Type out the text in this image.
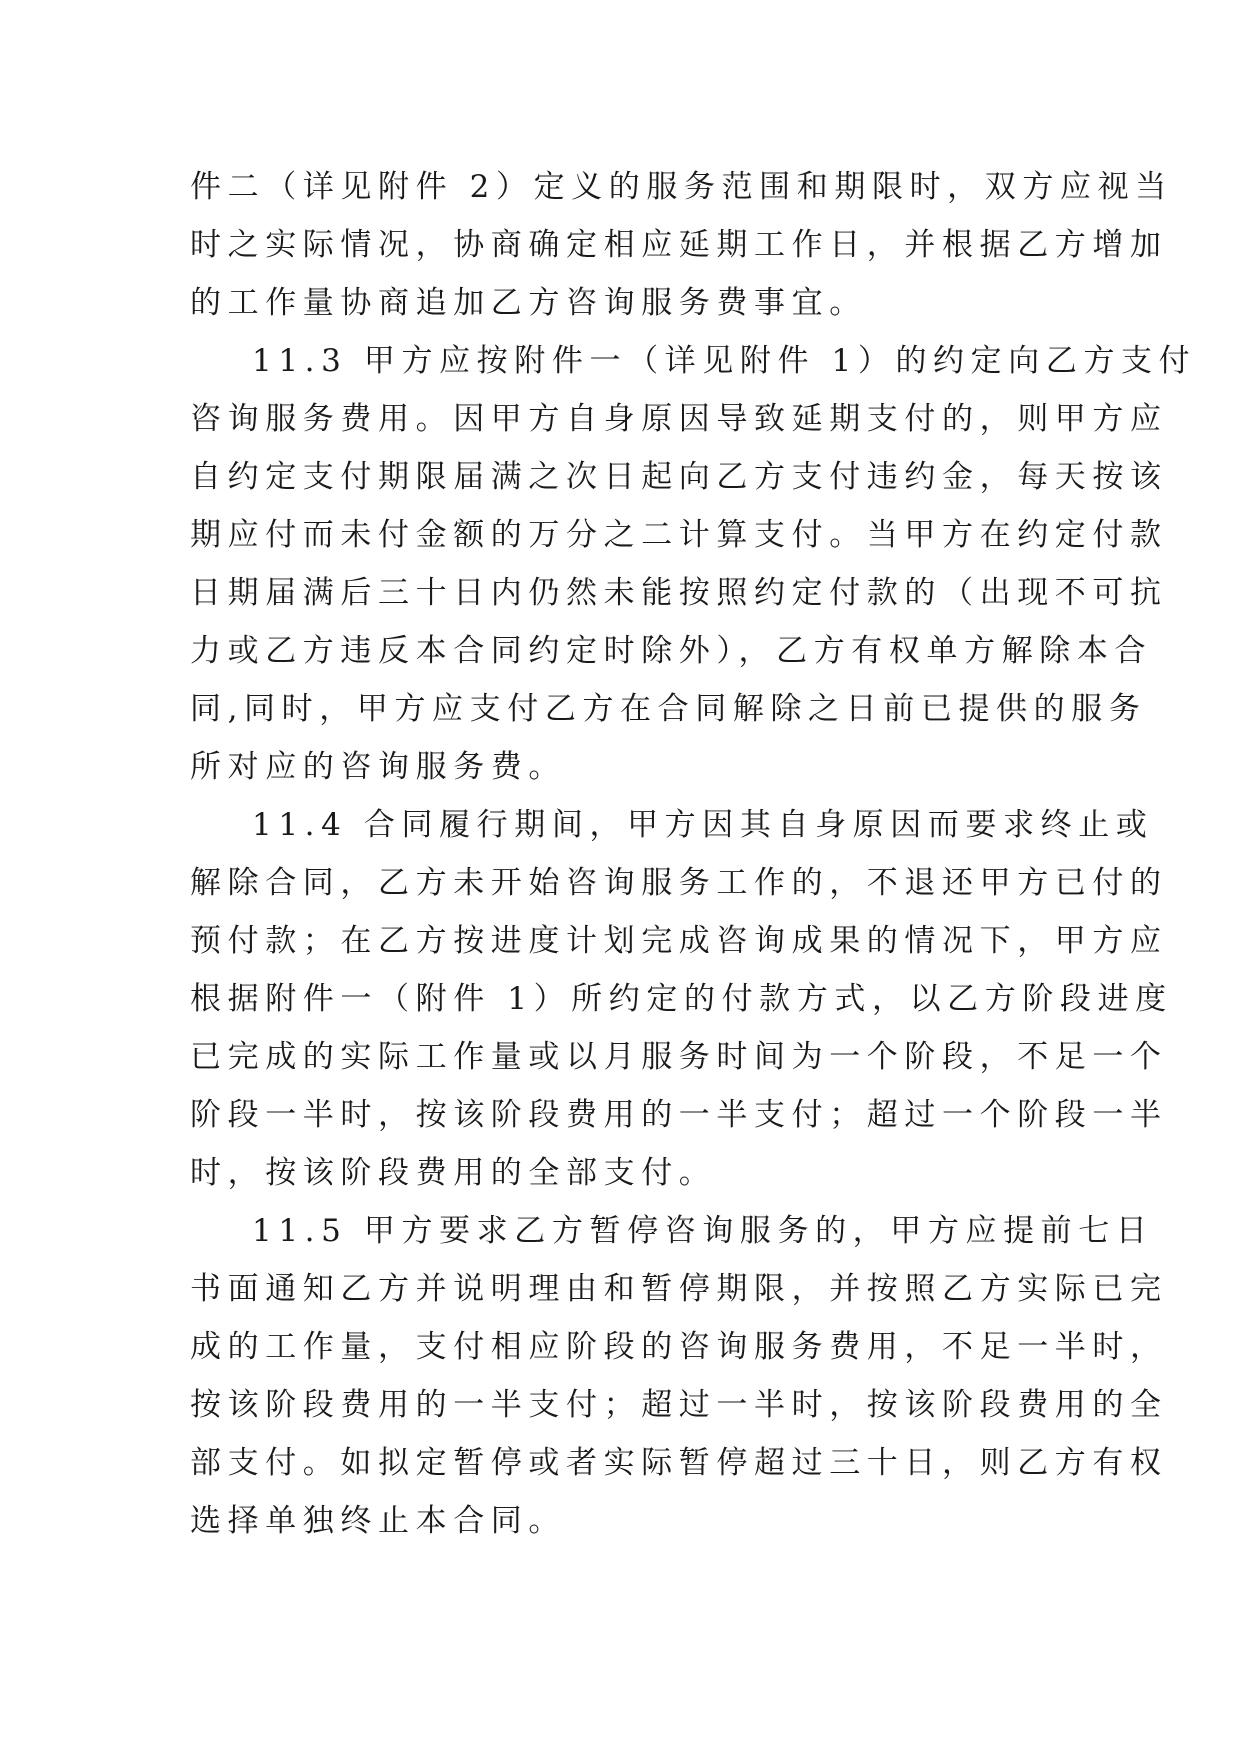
件二（详见附件 2）定义的服务范围和期限时，双方应视当
时之实际情况，协商确定相应延期工作日，并根据乙方增加
的工作量协商追加乙方咨询服务费事宜。
11.3 甲方应按附件一（详见附件 1）的约定向乙方支付
咨询服务费用。因甲方自身原因导致延期支付的，则甲方应
自约定支付期限届满之次日起向乙方支付违约金，每天按该
期应付而未付金额的万分之二计算支付。当甲方在约定付款
日期届满后三十日内仍然未能按照约定付款的（出现不可抗
力或乙方违反本合同约定时除外），乙方有权单方解除本合
同,同时，甲方应支付乙方在合同解除之日前已提供的服务
所对应的咨询服务费。
11.4 合同履行期间，甲方因其自身原因而要求终止或
解除合同，乙方未开始咨询服务工作的，不退还甲方已付的
预付款；在乙方按进度计划完成咨询成果的情况下，甲方应
根据附件一（附件 1）所约定的付款方式，以乙方阶段进度
已完成的实际工作量或以月服务时间为一个阶段，不足一个
阶段一半时，按该阶段费用的一半支付；超过一个阶段一半
时，按该阶段费用的全部支付。
11.5 甲方要求乙方暂停咨询服务的，甲方应提前七日
书面通知乙方并说明理由和暂停期限，并按照乙方实际已完
成的工作量，支付相应阶段的咨询服务费用，不足一半时，
按该阶段费用的一半支付；超过一半时，按该阶段费用的全
部支付。如拟定暂停或者实际暂停超过三十日，则乙方有权
选择单独终止本合同。
